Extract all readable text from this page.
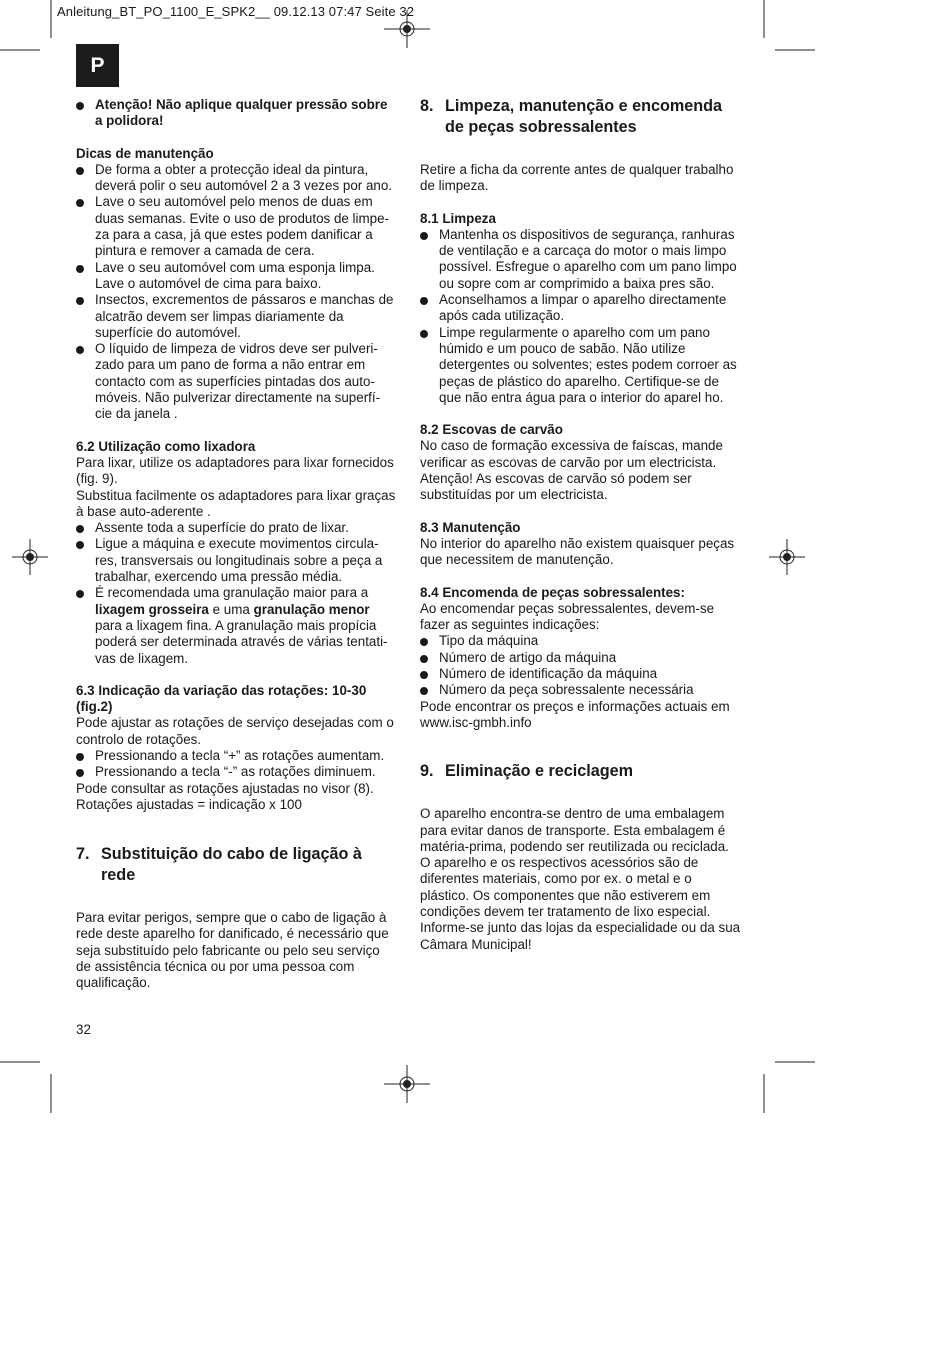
Anleitung_BT_PO_1100_E_SPK2__ 09.12.13 07:47 Seite 32
P
Atenção! Não aplique qualquer pressão sobre a polidora!

Dicas de manutenção

De forma a obter a protecção ideal da pintura, deverá polir o seu automóvel 2 a 3 vezes por ano.
Lave o seu automóvel pelo menos de duas em duas semanas. Evite o uso de produtos de limpe-za para a casa, já que estes podem danificar a pintura e remover a camada de cera.
Lave o seu automóvel com uma esponja limpa. Lave o automóvel de cima para baixo.
Insectos, excrementos de pássaros e manchas de alcatrão devem ser limpas diariamente da superfície do automóvel.
O líquido de limpeza de vidros deve ser pulveri-zado para um pano de forma a não entrar em contacto com as superfícies pintadas dos auto-móveis. Não pulverizar directamente na superfí-cie da janela .

6.2 Utilização como lixadora

Para lixar, utilize os adaptadores para lixar fornecidos (fig. 9).

Substitua facilmente os adaptadores para lixar graças à base auto-aderente .

Assente toda a superfície do prato de lixar.
Ligue a máquina e execute movimentos circula-res, transversais ou longitudinais sobre a peça a trabalhar, exercendo uma pressão média.
É recomendada uma granulação maior para a lixagem grosseira e uma granulação menor para a lixagem fina. A granulação mais propícia poderá ser determinada através de várias tentati-vas de lixagem.

6.3 Indicação da variação das rotações: 10-30 (fig.2)

Pode ajustar as rotações de serviço desejadas com o controlo de rotações.

Pressionando a tecla “+” as rotações aumentam.
Pressionando a tecla “-” as rotações diminuem.

Pode consultar as rotações ajustadas no visor (8).

Rotações ajustadas = indicação x 100

7. Substituição do cabo de ligação à rede

Para evitar perigos, sempre que o cabo de ligação à rede deste aparelho for danificado, é necessário que seja substituído pelo fabricante ou pelo seu serviço de assistência técnica ou por uma pessoa com qualificação.

8. Limpeza, manutenção e encomenda de peças sobressalentes

Retire a ficha da corrente antes de qualquer trabalho de limpeza.

8.1 Limpeza

Mantenha os dispositivos de segurança, ranhuras de ventilação e a carcaça do motor o mais limpo possível. Esfregue o aparelho com um pano limpo ou sopre com ar comprimido a baixa pres são.
Aconselhamos a limpar o aparelho directamente após cada utilização.
Limpe regularmente o aparelho com um pano húmido e um pouco de sabão. Não utilize detergentes ou solventes; estes podem corroer as peças de plástico do aparelho. Certifique-se de que não entra água para o interior do aparel ho.

8.2 Escovas de carvão

No caso de formação excessiva de faíscas, mande verificar as escovas de carvão por um electricista.

Atenção! As escovas de carvão só podem ser substituídas por um electricista.

8.3 Manutenção

No interior do aparelho não existem quaisquer peças que necessitem de manutenção.

8.4 Encomenda de peças sobressalentes:

Ao encomendar peças sobressalentes, devem-se fazer as seguintes indicações:

Tipo da máquina
Número de artigo da máquina
Número de identificação da máquina
Número da peça sobressalente necessária

Pode encontrar os preços e informações actuais em www.isc-gmbh.info

9. Eliminação e reciclagem

O aparelho encontra-se dentro de uma embalagem para evitar danos de transporte. Esta embalagem é matéria-prima, podendo ser reutilizada ou reciclada. O aparelho e os respectivos acessórios são de diferentes materiais, como por ex. o metal e o plástico. Os componentes que não estiverem em condições devem ter tratamento de lixo especial. Informe-se junto das lojas da especialidade ou da sua Câmara Municipal!

32
